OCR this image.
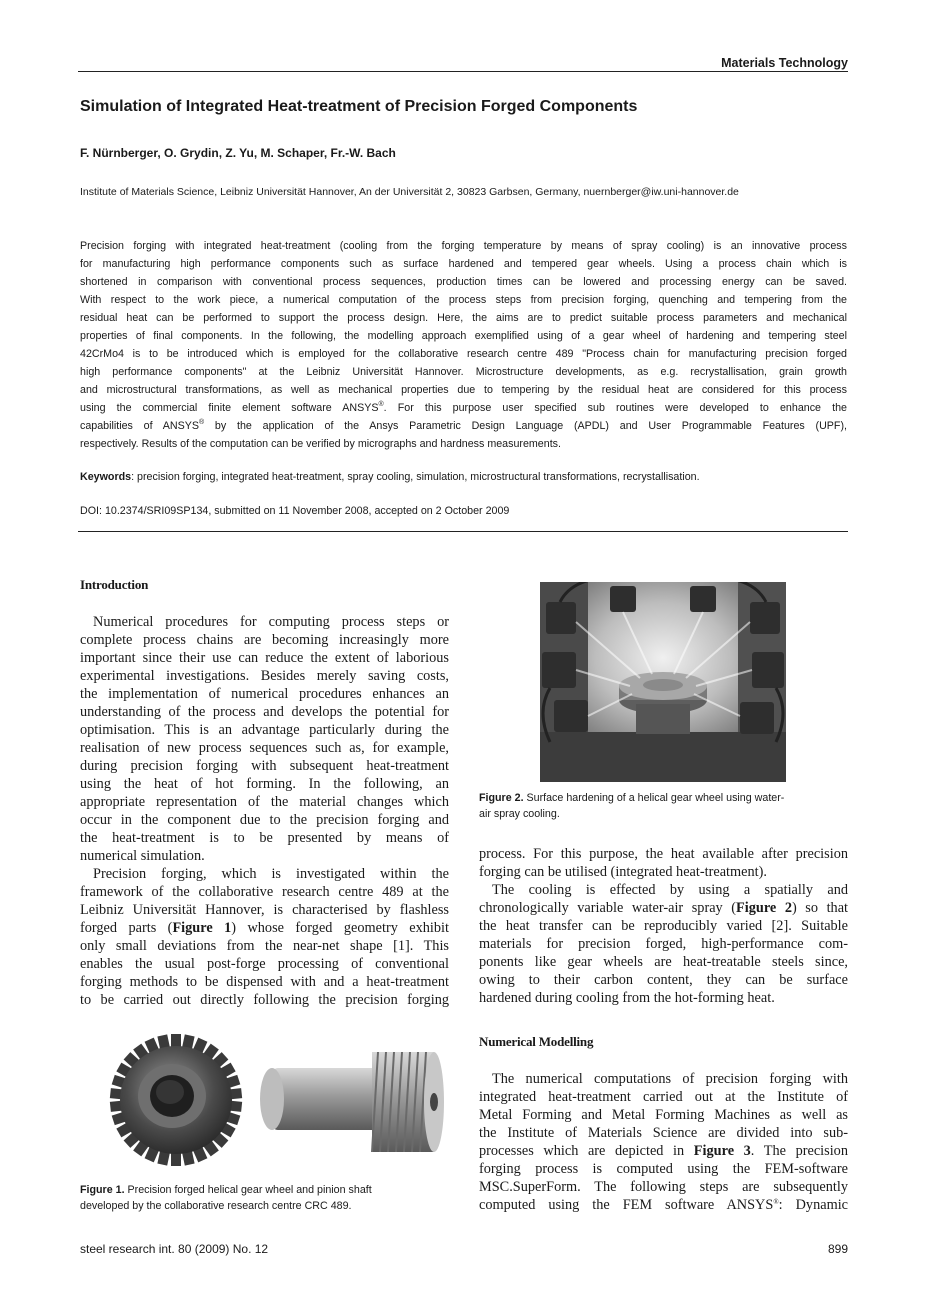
Materials Technology
Simulation of Integrated Heat-treatment of Precision Forged Components
F. Nürnberger, O. Grydin, Z. Yu, M. Schaper, Fr.-W. Bach
Institute of Materials Science, Leibniz Universität Hannover, An der Universität 2, 30823 Garbsen, Germany, nuernberger@iw.uni-hannover.de
Precision forging with integrated heat-treatment (cooling from the forging temperature by means of spray cooling) is an innovative process
for manufacturing high performance components such as surface hardened and tempered gear wheels. Using a process chain which is
shortened in comparison with conventional process sequences, production times can be lowered and processing energy can be saved.
With respect to the work piece, a numerical computation of the process steps from precision forging, quenching and tempering from the
residual heat can be performed to support the process design. Here, the aims are to predict suitable process parameters and mechanical
properties of final components. In the following, the modelling approach exemplified using of a gear wheel of hardening and tempering steel
42CrMo4 is to be introduced which is employed for the collaborative research centre 489 "Process chain for manufacturing precision forged
high performance components" at the Leibniz Universität Hannover. Microstructure developments, as e.g. recrystallisation, grain growth
and microstructural transformations, as well as mechanical properties due to tempering by the residual heat are considered for this process
using the commercial finite element software ANSYS®. For this purpose user specified sub routines were developed to enhance the
capabilities of ANSYS® by the application of the Ansys Parametric Design Language (APDL) and User Programmable Features (UPF),
respectively. Results of the computation can be verified by micrographs and hardness measurements.
Keywords: precision forging, integrated heat-treatment, spray cooling, simulation, microstructural transformations, recrystallisation.
DOI: 10.2374/SRI09SP134, submitted on 11 November 2008, accepted on 2 October 2009
Introduction
Numerical procedures for computing process steps or
complete process chains are becoming increasingly more
important since their use can reduce the extent of laborious
experimental investigations. Besides merely saving costs,
the implementation of numerical procedures enhances an
understanding of the process and develops the potential for
optimisation. This is an advantage particularly during the
realisation of new process sequences such as, for example,
during precision forging with subsequent heat-treatment
using the heat of hot forming. In the following, an
appropriate representation of the material changes which
occur in the component due to the precision forging and
the heat-treatment is to be presented by means of
numerical simulation.
Precision forging, which is investigated within the
framework of the collaborative research centre 489 at the
Leibniz Universität Hannover, is characterised by flashless
forged parts (Figure 1) whose forged geometry exhibit
only small deviations from the near-net shape [1]. This
enables the usual post-forge processing of conventional
forging methods to be dispensed with and a heat-treatment
to be carried out directly following the precision forging
Figure 1. Precision forged helical gear wheel and pinion shaft
developed by the collaborative research centre CRC 489.
Figure 2. Surface hardening of a helical gear wheel using water-
air spray cooling.
process. For this purpose, the heat available after precision
forging can be utilised (integrated heat-treatment).
The cooling is effected by using a spatially and
chronologically variable water-air spray (Figure 2) so that
the heat transfer can be reproducibly varied [2]. Suitable
materials for precision forged, high-performance com-
ponents like gear wheels are heat-treatable steels since,
owing to their carbon content, they can be surface
hardened during cooling from the hot-forming heat.
Numerical Modelling
The numerical computations of precision forging with
integrated heat-treatment carried out at the Institute of
Metal Forming and Metal Forming Machines as well as
the Institute of Materials Science are divided into sub-
processes which are depicted in Figure 3. The precision
forging process is computed using the FEM-software
MSC.SuperForm. The following steps are subsequently
computed using the FEM software ANSYS®: Dynamic
steel research int. 80 (2009) No. 12	899
